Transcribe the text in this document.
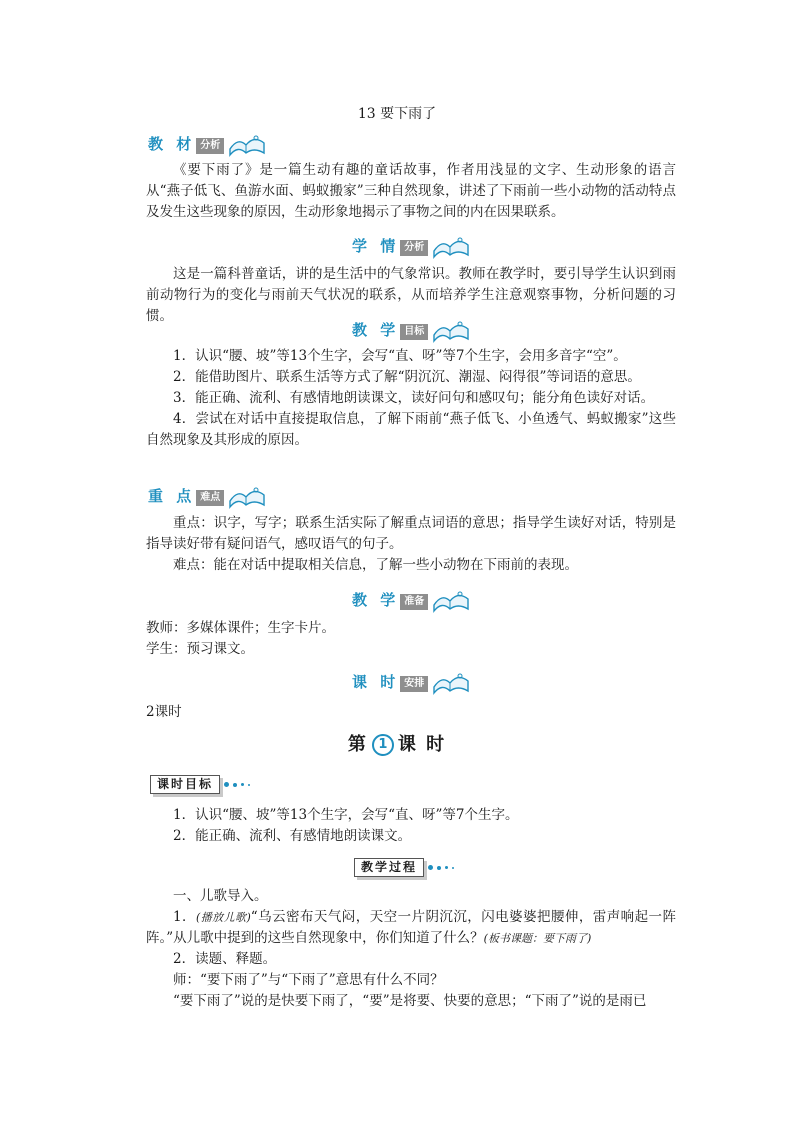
13 要下雨了
教 材 分析

《要下雨了》是一篇生动有趣的童话故事，作者用浅显的文字、生动形象的语言从“燕子低飞、鱼游水面、蚂蚁搬家”三种自然现象，讲述了下雨前一些小动物的活动特点及发生这些现象的原因，生动形象地揭示了事物之间的内在因果联系。

学 情 分析

这是一篇科普童话，讲的是生活中的气象常识。教师在教学时，要引导学生认识到雨前动物行为的变化与雨前天气状况的联系，从而培养学生注意观察事物，分析问题的习惯。

教 学 目标

1．认识“腰、坡”等13个生字，会写“直、呀”等7个生字，会用多音字“空”。

2．能借助图片、联系生活等方式了解“阴沉沉、潮湿、闷得很”等词语的意思。

3．能正确、流利、有感情地朗读课文，读好问句和感叹句；能分角色读好对话。

4．尝试在对话中直接提取信息，了解下雨前“燕子低飞、小鱼透气、蚂蚁搬家”这些自然现象及其形成的原因。

重 点 难点

重点：识字，写字；联系生活实际了解重点词语的意思；指导学生读好对话，特别是指导读好带有疑问语气，感叹语气的句子。

难点：能在对话中提取相关信息，了解一些小动物在下雨前的表现。

教 学 准备

教师：多媒体课件；生字卡片。

学生：预习课文。

课 时 安排

2课时

第 1 课 时
课时目标

1．认识“腰、坡”等13个生字，会写“直、呀”等7个生字。

2．能正确、流利、有感情地朗读课文。

教学过程

一、儿歌导入。

1．(播放儿歌)“乌云密布天气闷，天空一片阴沉沉，闪电婆婆把腰伸，雷声响起一阵阵。”从儿歌中提到的这些自然现象中，你们知道了什么？(板书课题：要下雨了)

2．读题、释题。

师：“要下雨了”与“下雨了”意思有什么不同？

“要下雨了”说的是快要下雨了，“要”是将要、快要的意思；“下雨了”说的是雨已
